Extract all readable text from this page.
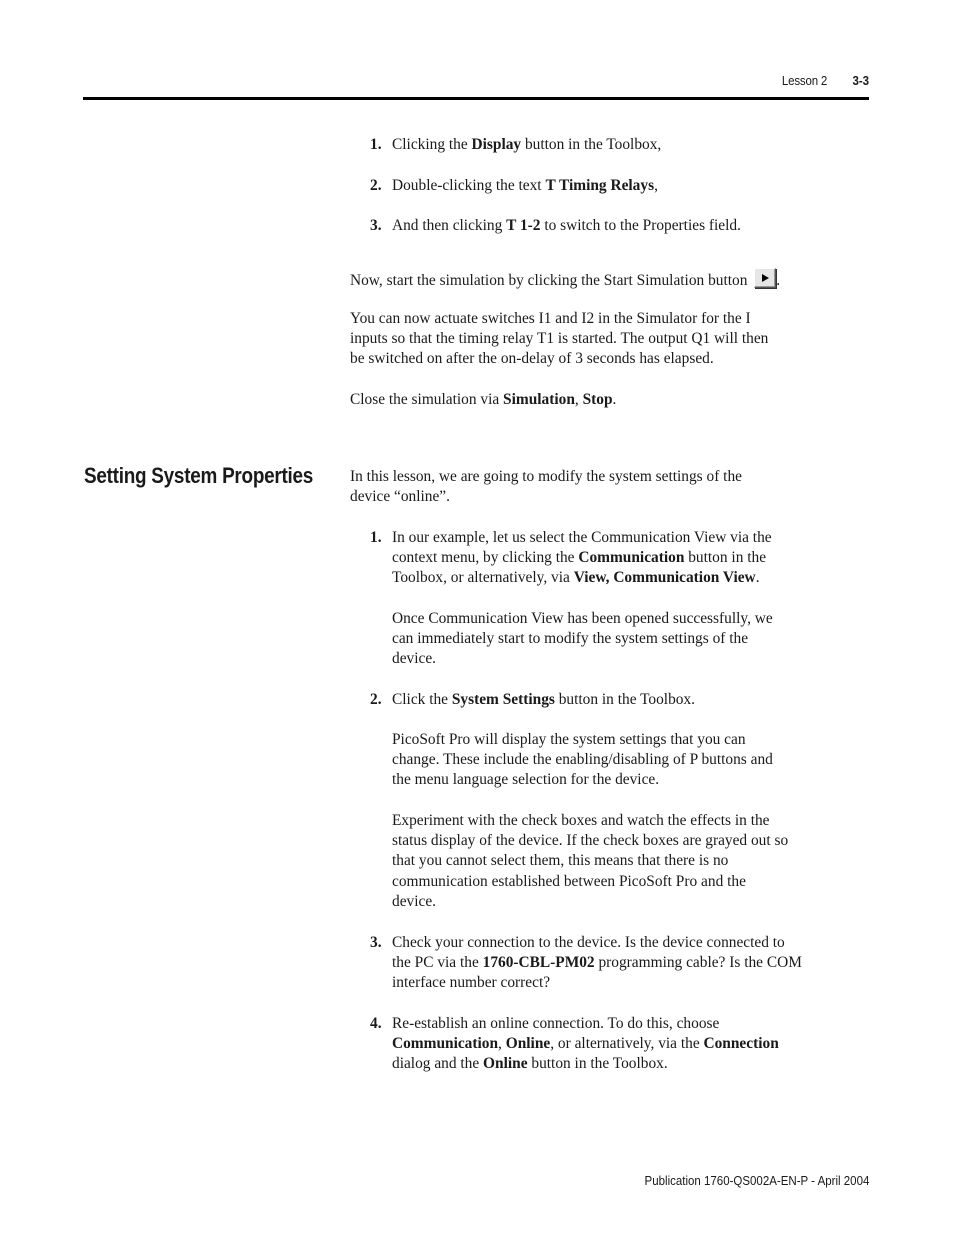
Lesson 2 3-3
1. Clicking the Display button in the Toolbox,
2. Double-clicking the text T Timing Relays,
3. And then clicking T 1-2 to switch to the Properties field.

Now, start the simulation by clicking the Start Simulation button .

You can now actuate switches I1 and I2 in the Simulator for the I
inputs so that the timing relay T1 is started. The output Q1 will then
be switched on after the on-delay of 3 seconds has elapsed.

Close the simulation via Simulation, Stop.

Setting System Properties In this lesson, we are going to modify the system settings of the
device “online”.

1. In our example, let us select the Communication View via the
context menu, by clicking the Communication button in the
Toolbox, or alternatively, via View, Communication View.

Once Communication View has been opened successfully, we
can immediately start to modify the system settings of the
device.

2. Click the System Settings button in the Toolbox.

PicoSoft Pro will display the system settings that you can
change. These include the enabling/disabling of P buttons and
the menu language selection for the device.

Experiment with the check boxes and watch the effects in the
status display of the device. If the check boxes are grayed out so
that you cannot select them, this means that there is no
communication established between PicoSoft Pro and the
device.

3. Check your connection to the device. Is the device connected to
the PC via the 1760-CBL-PM02 programming cable? Is the COM
interface number correct?
4. Re-establish an online connection. To do this, choose
Communication, Online, or alternatively, via the Connection
dialog and the Online button in the Toolbox.
Publication 1760-QS002A-EN-P - April 2004
